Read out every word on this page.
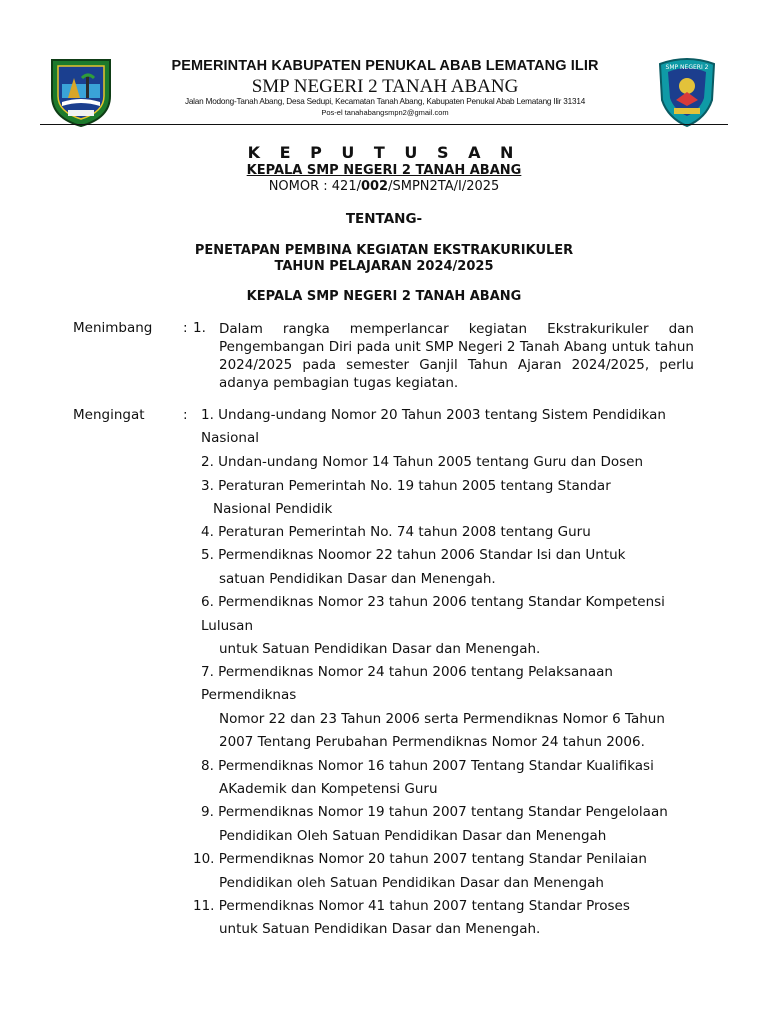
SMP NEGERI 2
PEMERINTAH KABUPATEN PENUKAL ABAB LEMATANG ILIR
SMP NEGERI 2 TANAH ABANG
Jalan Modong-Tanah Abang, Desa Sedupi, Kecamatan Tanah Abang, Kabupaten Penukal Abab Lematang Ilir 31314
Pos-el tanahabangsmpn2@gmail.com
K E P U T U S A N
KEPALA SMP NEGERI 2 TANAH ABANG
NOMOR : 421/002/SMPN2TA/I/2025
TENTANG-
PENETAPAN PEMBINA KEGIATAN EKSTRAKURIKULER
TAHUN PELAJARAN 2024/2025
KEPALA SMP NEGERI 2 TANAH ABANG
Menimbang : 1. Dalam rangka memperlancar kegiatan Ekstrakurikuler dan Pengembangan Diri pada unit SMP Negeri 2 Tanah Abang untuk tahun 2024/2025 pada semester Ganjil Tahun Ajaran 2024/2025, perlu adanya pembagian tugas kegiatan.
Mengingat	: 1. Undang-undang Nomor 20 Tahun 2003 tentang Sistem Pendidikan
Nasional
2. Undan-undang Nomor 14 Tahun 2005 tentang Guru dan Dosen
3. Peraturan Pemerintah No. 19 tahun 2005 tentang Standar
Nasional Pendidik
4. Peraturan Pemerintah No. 74 tahun 2008 tentang Guru
5. Permendiknas Noomor 22 tahun 2006 Standar Isi dan Untuk
satuan Pendidikan Dasar dan Menengah.
6. Permendiknas Nomor 23 tahun 2006 tentang Standar Kompetensi
Lulusan
untuk Satuan Pendidikan Dasar dan Menengah.
7. Permendiknas Nomor 24 tahun 2006 tentang Pelaksanaan
Permendiknas
Nomor 22 dan 23 Tahun 2006 serta Permendiknas Nomor 6 Tahun
2007 Tentang Perubahan Permendiknas Nomor 24 tahun 2006.
8. Permendiknas Nomor 16 tahun 2007 Tentang Standar Kualifikasi
AKademik dan Kompetensi Guru
9. Permendiknas Nomor 19 tahun 2007 tentang Standar Pengelolaan
Pendidikan Oleh Satuan Pendidikan Dasar dan Menengah
10. Permendiknas Nomor 20 tahun 2007 tentang Standar Penilaian
Pendidikan oleh Satuan Pendidikan Dasar dan Menengah
11. Permendiknas Nomor 41 tahun 2007 tentang Standar Proses
untuk Satuan Pendidikan Dasar dan Menengah.
